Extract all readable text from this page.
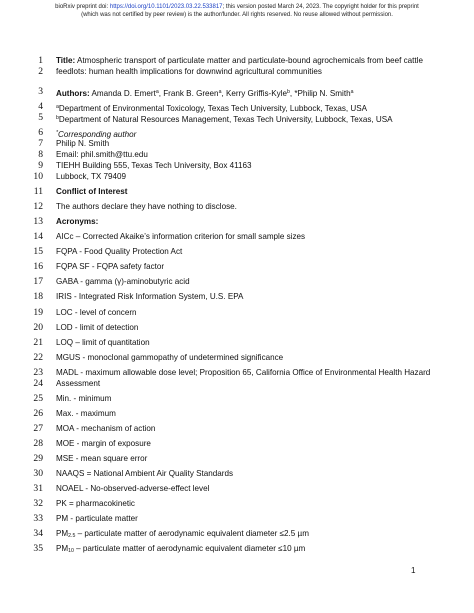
bioRxiv preprint doi: https://doi.org/10.1101/2023.03.22.533817; this version posted March 24, 2023. The copyright holder for this preprint
(which was not certified by peer review) is the author/funder. All rights reserved. No reuse allowed without permission.
1
2
3
4
5
6
7
8
9
10
11
12
13
14
15
16
17
18
19
20
21
22
23
24
25
26
27
28
29
30
31
32
33
34
35
Title: Atmospheric transport of particulate matter and particulate-bound agrochemicals from beef cattle
feedlots: human health implications for downwind agricultural communities
Authors: Amanda D. Emert$^a$, Frank B. Green$^a$, Kerry Griffis-Kyle$^b$, *Philip N. Smith$^a$
$^a$Department of Environmental Toxicology, Texas Tech University, Lubbock, Texas, USA
$^b$Department of Natural Resources Management, Texas Tech University, Lubbock, Texas, USA
*Corresponding author
Philip N. Smith
Email: phil.smith@ttu.edu
TIEHH Building 555, Texas Tech University, Box 41163
Lubbock, TX 79409
Conflict of Interest
The authors declare they have nothing to disclose.
Acronyms:
AICc – Corrected Akaike’s information criterion for small sample sizes
FQPA - Food Quality Protection Act
FQPA SF - FQPA safety factor
GABA - gamma (γ)-aminobutyric acid
IRIS - Integrated Risk Information System, U.S. EPA
LOC - level of concern
LOD - limit of detection
LOQ – limit of quantitation
MGUS - monoclonal gammopathy of undetermined significance
MADL - maximum allowable dose level; Proposition 65, California Office of Environmental Health Hazard
Assessment
Min. - minimum
Max. - maximum
MOA - mechanism of action
MOE - margin of exposure
MSE - mean square error
NAAQS = National Ambient Air Quality Standards
NOAEL - No-observed-adverse-effect level
PK = pharmacokinetic
PM - particulate matter
PM2.5 – particulate matter of aerodynamic equivalent diameter ≤2.5 µm
PM10 – particulate matter of aerodynamic equivalent diameter ≤10 µm
1
